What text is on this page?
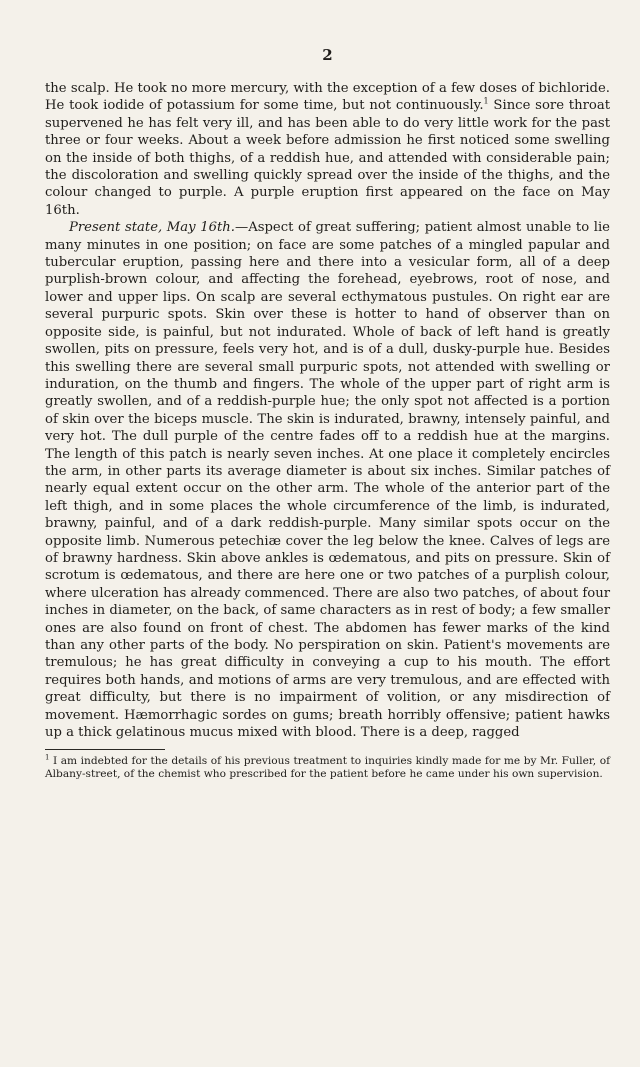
2

the scalp. He took no more mercury, with the exception of a few doses of bichloride. He took iodide of potassium for some time, but not continuously.$^1$ Since sore throat supervened he has felt very ill, and has been able to do very little work for the past three or four weeks. About a week before admission he first noticed some swelling on the inside of both thighs, of a reddish hue, and attended with considerable pain; the discoloration and swelling quickly spread over the inside of the thighs, and the colour changed to purple. A purple eruption first appeared on the face on May 16th.

Present state, May 16th.—Aspect of great suffering; patient almost unable to lie many minutes in one position; on face are some patches of a mingled papular and tubercular eruption, passing here and there into a vesicular form, all of a deep purplish-brown colour, and affecting the forehead, eyebrows, root of nose, and lower and upper lips. On scalp are several ecthymatous pustules. On right ear are several purpuric spots. Skin over these is hotter to hand of observer than on opposite side, is painful, but not indurated. Whole of back of left hand is greatly swollen, pits on pressure, feels very hot, and is of a dull, dusky-purple hue. Besides this swelling there are several small purpuric spots, not attended with swelling or induration, on the thumb and fingers. The whole of the upper part of right arm is greatly swollen, and of a reddish-purple hue; the only spot not affected is a portion of skin over the biceps muscle. The skin is indurated, brawny, intensely painful, and very hot. The dull purple of the centre fades off to a reddish hue at the margins. The length of this patch is nearly seven inches. At one place it completely encircles the arm, in other parts its average diameter is about six inches. Similar patches of nearly equal extent occur on the other arm. The whole of the anterior part of the left thigh, and in some places the whole circumference of the limb, is indurated, brawny, painful, and of a dark reddish-purple. Many similar spots occur on the opposite limb. Numerous petechiæ cover the leg below the knee. Calves of legs are of brawny hardness. Skin above ankles is œdematous, and pits on pressure. Skin of scrotum is œdematous, and there are here one or two patches of a purplish colour, where ulceration has already commenced. There are also two patches, of about four inches in diameter, on the back, of same characters as in rest of body; a few smaller ones are also found on front of chest. The abdomen has fewer marks of the kind than any other parts of the body. No perspiration on skin. Patient's movements are tremulous; he has great difficulty in conveying a cup to his mouth. The effort requires both hands, and motions of arms are very tremulous, and are effected with great difficulty, but there is no impairment of volition, or any misdirection of movement. Hæmorrhagic sordes on gums; breath horribly offensive; patient hawks up a thick gelatinous mucus mixed with blood. There is a deep, ragged

$^1$ I am indebted for the details of his previous treatment to inquiries kindly made for me by Mr. Fuller, of Albany-street, of the chemist who prescribed for the patient before he came under his own supervision.
